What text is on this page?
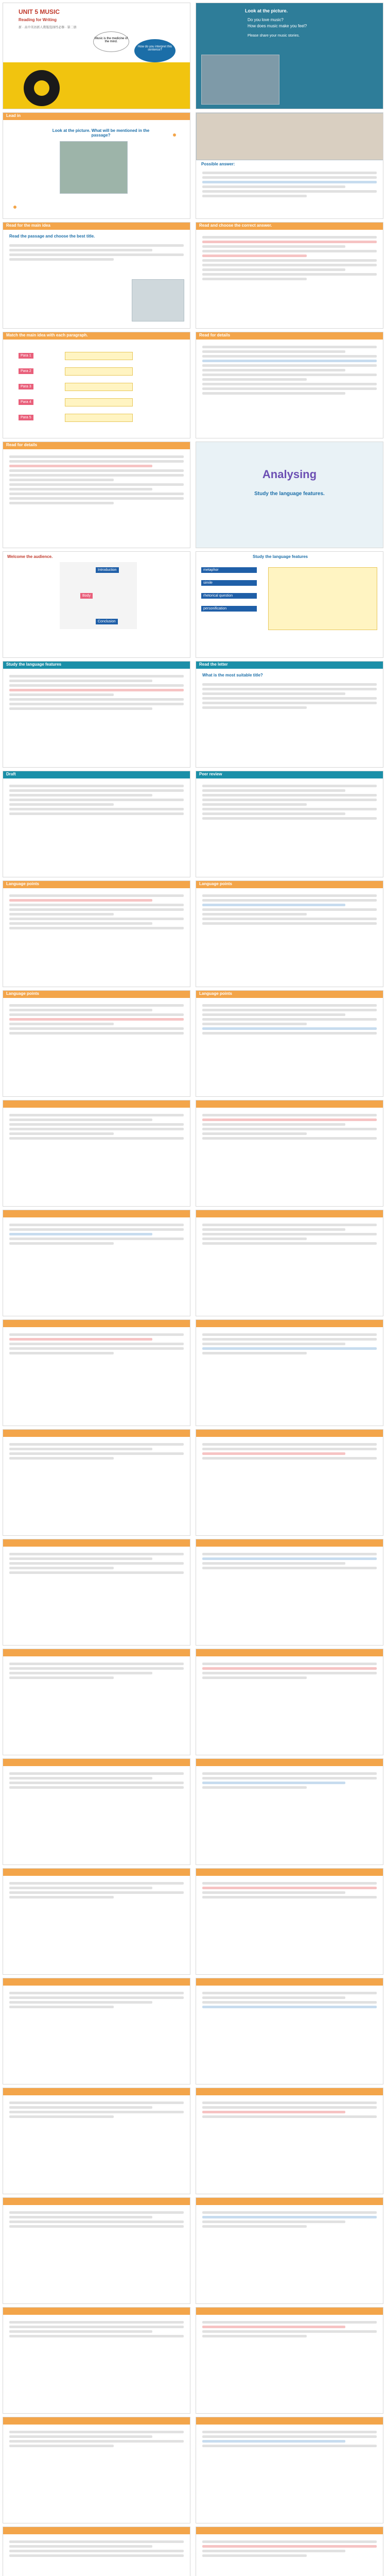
UNIT 5 MUSIC
Reading for Writing
新 · 高中英语新人教版选择性必修 · 第二册
Music is the medicine of the mind.
How do you interpret this sentence?
Look at the picture.
Do you love music?
How does music make you feel?
Please share your music stories.
Lead in
Look at the picture. What will be mentioned in the passage?
Possible answer:
Read for the main idea
Read the passage and choose the best title.
Read and choose the correct answer.
Match the main idea with each paragraph.
Para 1
Para 2
Para 3
Para 4
Para 5
Read for details
Read for details
Analysing
Study the language features.
Welcome the audience.
Introduction
Body
Conclusion
Study the language features
metaphor
simile
rhetorical question
personification
Study the language features	Read the letter
What is the most suitable title?
Draft	Peer review
Language points	Language points
Language points	Language points
